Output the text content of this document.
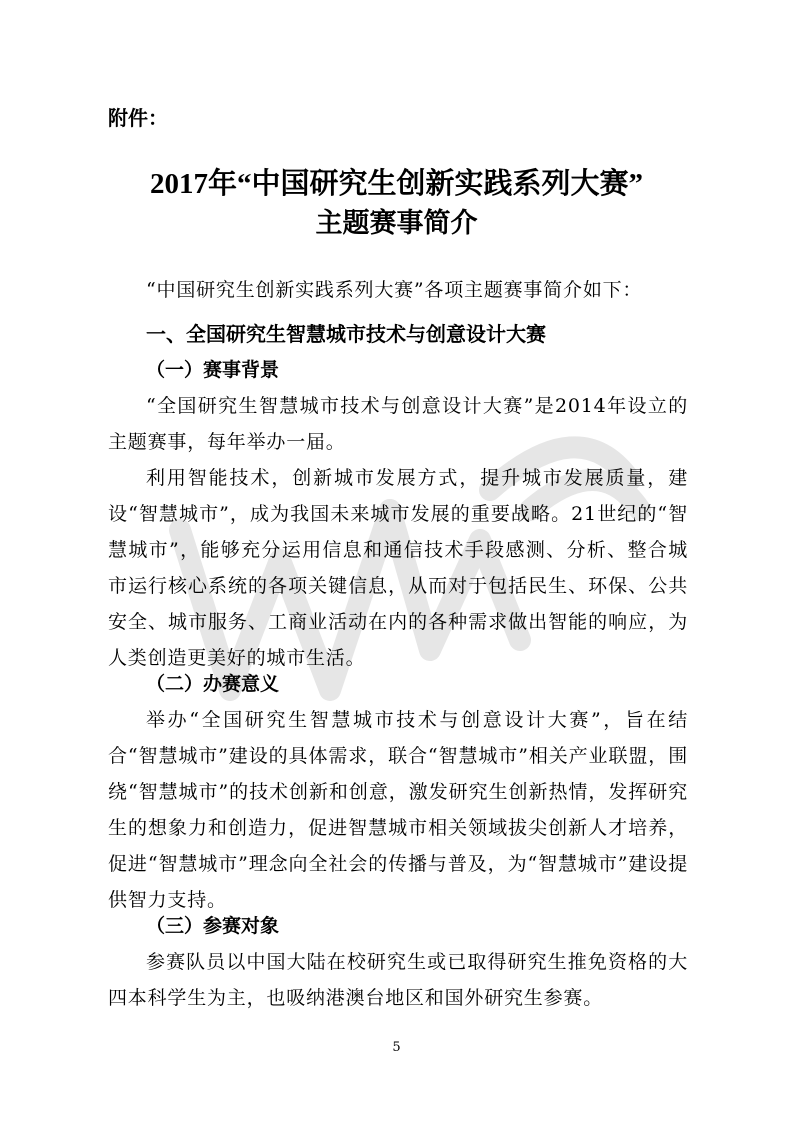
附件：
2017年“中国研究生创新实践系列大赛”
主题赛事简介
“中国研究生创新实践系列大赛”各项主题赛事简介如下：
一、全国研究生智慧城市技术与创意设计大赛
（一）赛事背景
“全国研究生智慧城市技术与创意设计大赛”是2014年设立的主题赛事，每年举办一届。
利用智能技术，创新城市发展方式，提升城市发展质量，建设“智慧城市”，成为我国未来城市发展的重要战略。21世纪的“智慧城市”，能够充分运用信息和通信技术手段感测、分析、整合城市运行核心系统的各项关键信息，从而对于包括民生、环保、公共安全、城市服务、工商业活动在内的各种需求做出智能的响应，为人类创造更美好的城市生活。
（二）办赛意义
举办“全国研究生智慧城市技术与创意设计大赛”，旨在结合“智慧城市”建设的具体需求，联合“智慧城市”相关产业联盟，围绕“智慧城市”的技术创新和创意，激发研究生创新热情，发挥研究生的想象力和创造力，促进智慧城市相关领域拔尖创新人才培养，促进“智慧城市”理念向全社会的传播与普及，为“智慧城市”建设提供智力支持。
（三）参赛对象
参赛队员以中国大陆在校研究生或已取得研究生推免资格的大四本科学生为主，也吸纳港澳台地区和国外研究生参赛。
5
